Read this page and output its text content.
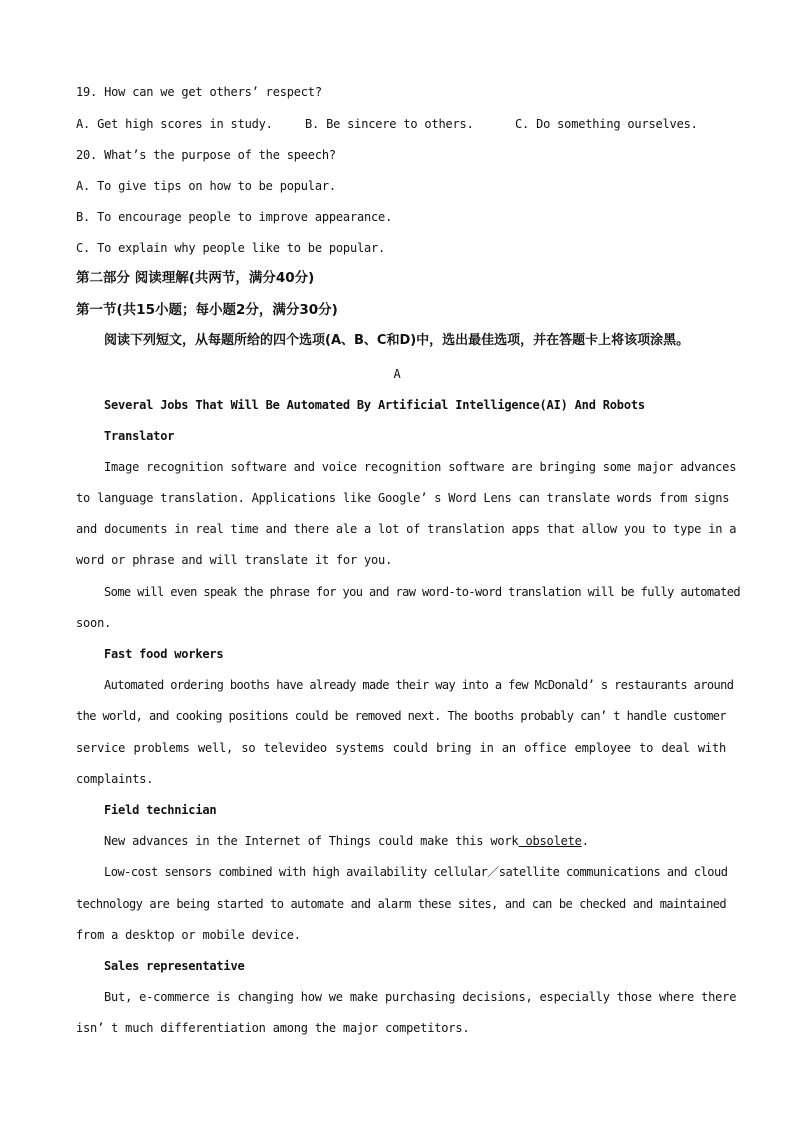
19. How can we get others’ respect?
A. Get high scores in study.	B. Be sincere to others.	C. Do something ourselves.
20. What’s the purpose of the speech?
A. To give tips on how to be popular.
B. To encourage people to improve appearance.
C. To explain why people like to be popular.
第二部分 阅读理解(共两节，满分40分)
第一节(共15小题；每小题2分，满分30分)
阅读下列短文，从每题所给的四个选项(A、B、C和D)中，选出最佳选项，并在答题卡上将该项涂黑。
A
Several Jobs That Will Be Automated By Artificial Intelligence(AI) And Robots
Translator
Image recognition software and voice recognition software are bringing some major advances
to language translation. Applications like Google’ s Word Lens can translate words from signs
and documents in real time and there ale a lot of translation apps that allow you to type in a
word or phrase and will translate it for you.
Some will even speak the phrase for you and raw word-to-word translation will be fully automated
soon.
Fast food workers
Automated ordering booths have already made their way into a few McDonald’ s restaurants around
the world, and cooking positions could be removed next. The booths probably can’ t handle customer
service problems well, so televideo systems could bring in an office employee to deal with
complaints.
Field technician
New advances in the Internet of Things could make this work obsolete.
Low-cost sensors combined with high availability cellular／satellite communications and cloud
technology are being started to automate and alarm these sites, and can be checked and maintained
from a desktop or mobile device.
Sales representative
But, e-commerce is changing how we make purchasing decisions, especially those where there
isn’ t much differentiation among the major competitors.
